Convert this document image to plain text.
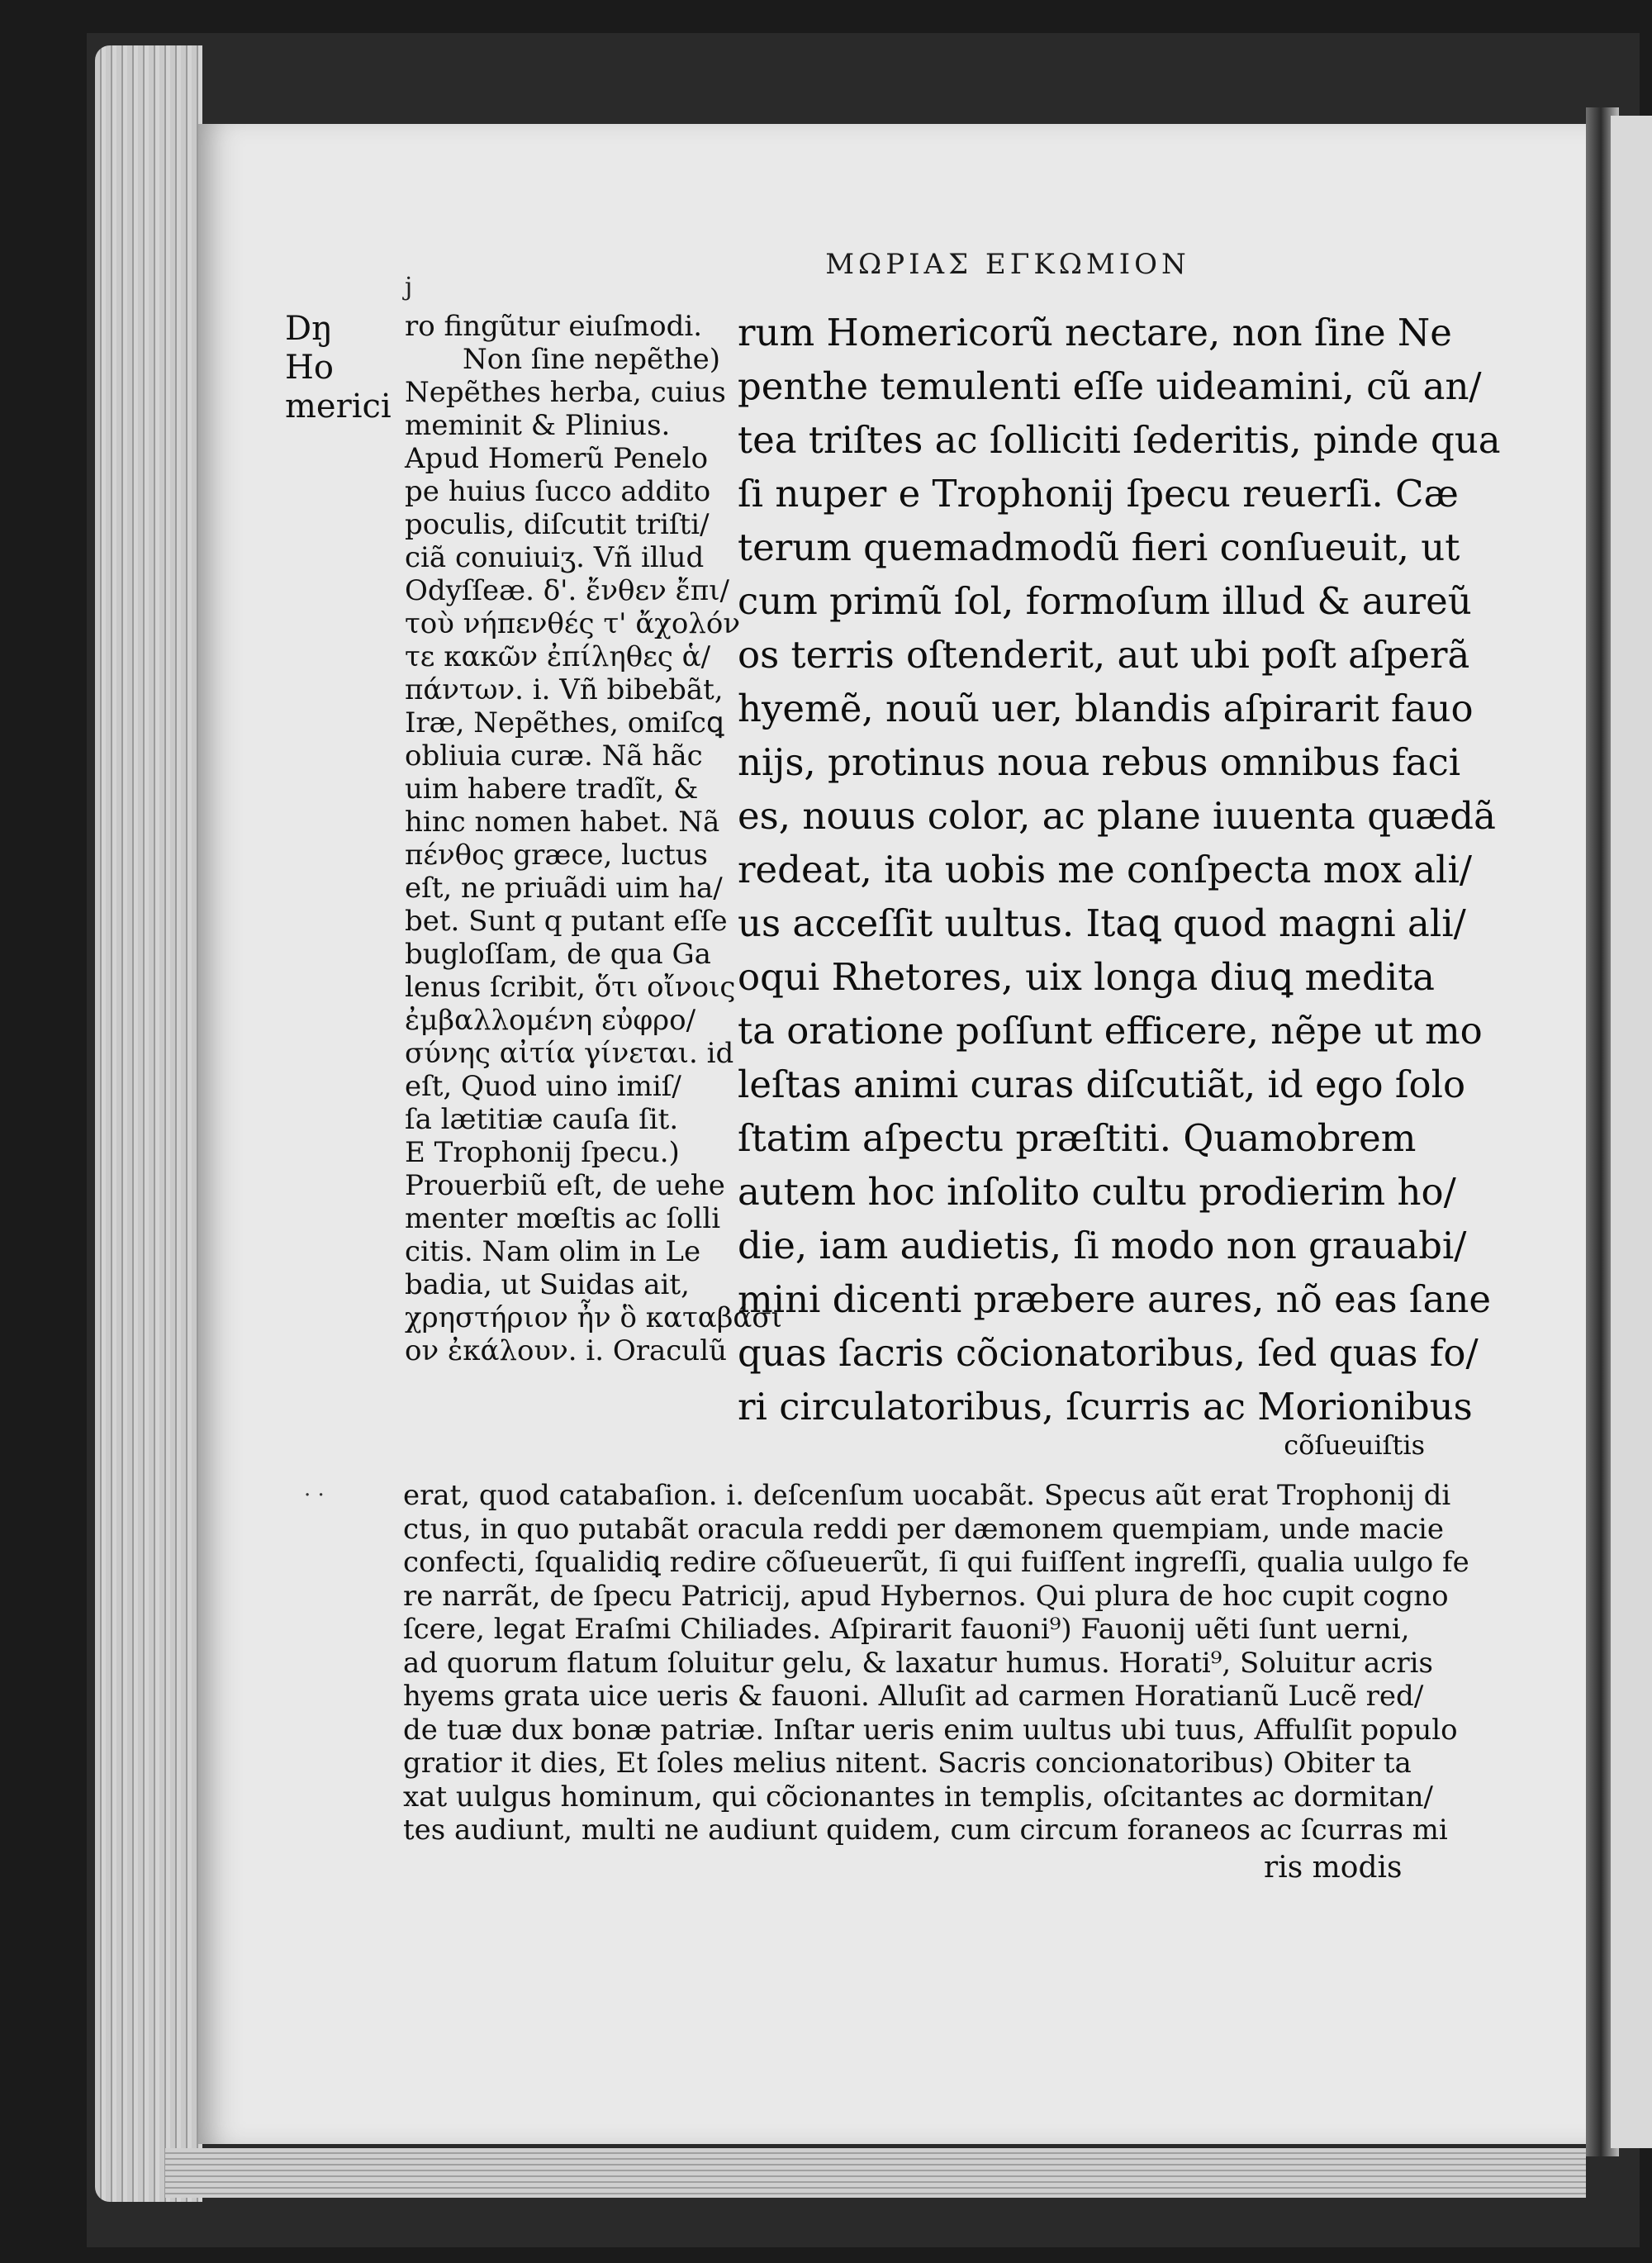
ΜΩΡΙΑΣ ΕΓΚΩΜΙΟΝ
j
Dŋ Ho
merici
ro fingũtur eiuſmodi.
Non ſine nepẽthe)
Nepẽthes herba, cuius
meminit & Plinius.
Apud Homerũ Penelo
pe huius ſucco addito
poculis, diſcutit triſti/
ciã conuiuiʒ. Vñ illud
Odyſſeæ. δ'. ἔνθεν ἔπι/
τοὺ νήπενθές τ' ἄχολόν
τε κακῶν ἐπίληθες ἁ/
πάντων. i. Vñ bibebãt,
Iræ, Nepẽthes, omiſcꝗ
obliuia curæ. Nã hãc
uim habere tradĩt, &
hinc nomen habet. Nã
πένθος græce, luctus
eſt, ne priuãdi uim ha/
bet. Sunt q putant eſſe
bugloſſam, de qua Ga
lenus ſcribit, ὅτι οἴνοις
ἐμβαλλομένη εὐφρο/
σύνης αἰτία γίνεται. id
eſt, Quod uino imiſ/
ſa lætitiæ cauſa ſit.
E Trophonij ſpecu.)
Prouerbiũ eſt, de uehe
menter mœſtis ac ſolli
citis. Nam olim in Le
badia, ut Suidas ait,
χρηστήριον ἦν ὃ καταβάσι
ον ἐκάλουν. i. Oraculũ
rum Homericorũ nectare, non ſine Ne
penthe temulenti eſſe uideamini, cũ an/
tea triſtes ac ſolliciti ſederitis, pinde qua
ſi nuper e Trophonij ſpecu reuerſi. Cæ
terum quemadmodũ fieri conſueuit, ut
cum primũ ſol, formoſum illud & aureũ
os terris oſtenderit, aut ubi poſt aſperã
hyemẽ, nouũ uer, blandis aſpirarit fauo
nijs, protinus noua rebus omnibus faci
es, nouus color, ac plane iuuenta quædã
redeat, ita uobis me conſpecta mox ali/
us acceſſit uultus. Itaꝗ quod magni ali/
oqui Rhetores, uix longa diuꝗ medita
ta oratione poſſunt efficere, nẽpe ut mo
leſtas animi curas diſcutiãt, id ego ſolo
ſtatim aſpectu præſtiti. Quamobrem
autem hoc inſolito cultu prodierim ho/
die, iam audietis, ſi modo non grauabi/
mini dicenti præbere aures, nõ eas ſane
quas ſacris cõcionatoribus, ſed quas fo/
ri circulatoribus, ſcurris ac Morionibus
cõſueuiſtis
· ·	erat, quod catabaſion. i. deſcenſum uocabãt. Specus aũt erat Trophonij di
ctus, in quo putabãt oracula reddi per dæmonem quempiam, unde macie
confecti, ſqualidiꝗ redire cõſueuerũt, ſi qui fuiſſent ingreſſi, qualia uulgo fe
re narrãt, de ſpecu Patricij, apud Hybernos. Qui plura de hoc cupit cogno
ſcere, legat Eraſmi Chiliades. Aſpirarit fauoni⁹) Fauonij uẽti ſunt uerni,
ad quorum flatum ſoluitur gelu, & laxatur humus. Horati⁹, Soluitur acris
hyems grata uice ueris & fauoni. Alluſit ad carmen Horatianũ Lucẽ red/
de tuæ dux bonæ patriæ. Inſtar ueris enim uultus ubi tuus, Affulſit populo
gratior it dies, Et ſoles melius nitent. Sacris concionatoribus) Obiter ta
xat uulgus hominum, qui cõcionantes in templis, oſcitantes ac dormitan/
tes audiunt, multi ne audiunt quidem, cum circum foraneos ac ſcurras mi
ris modis
